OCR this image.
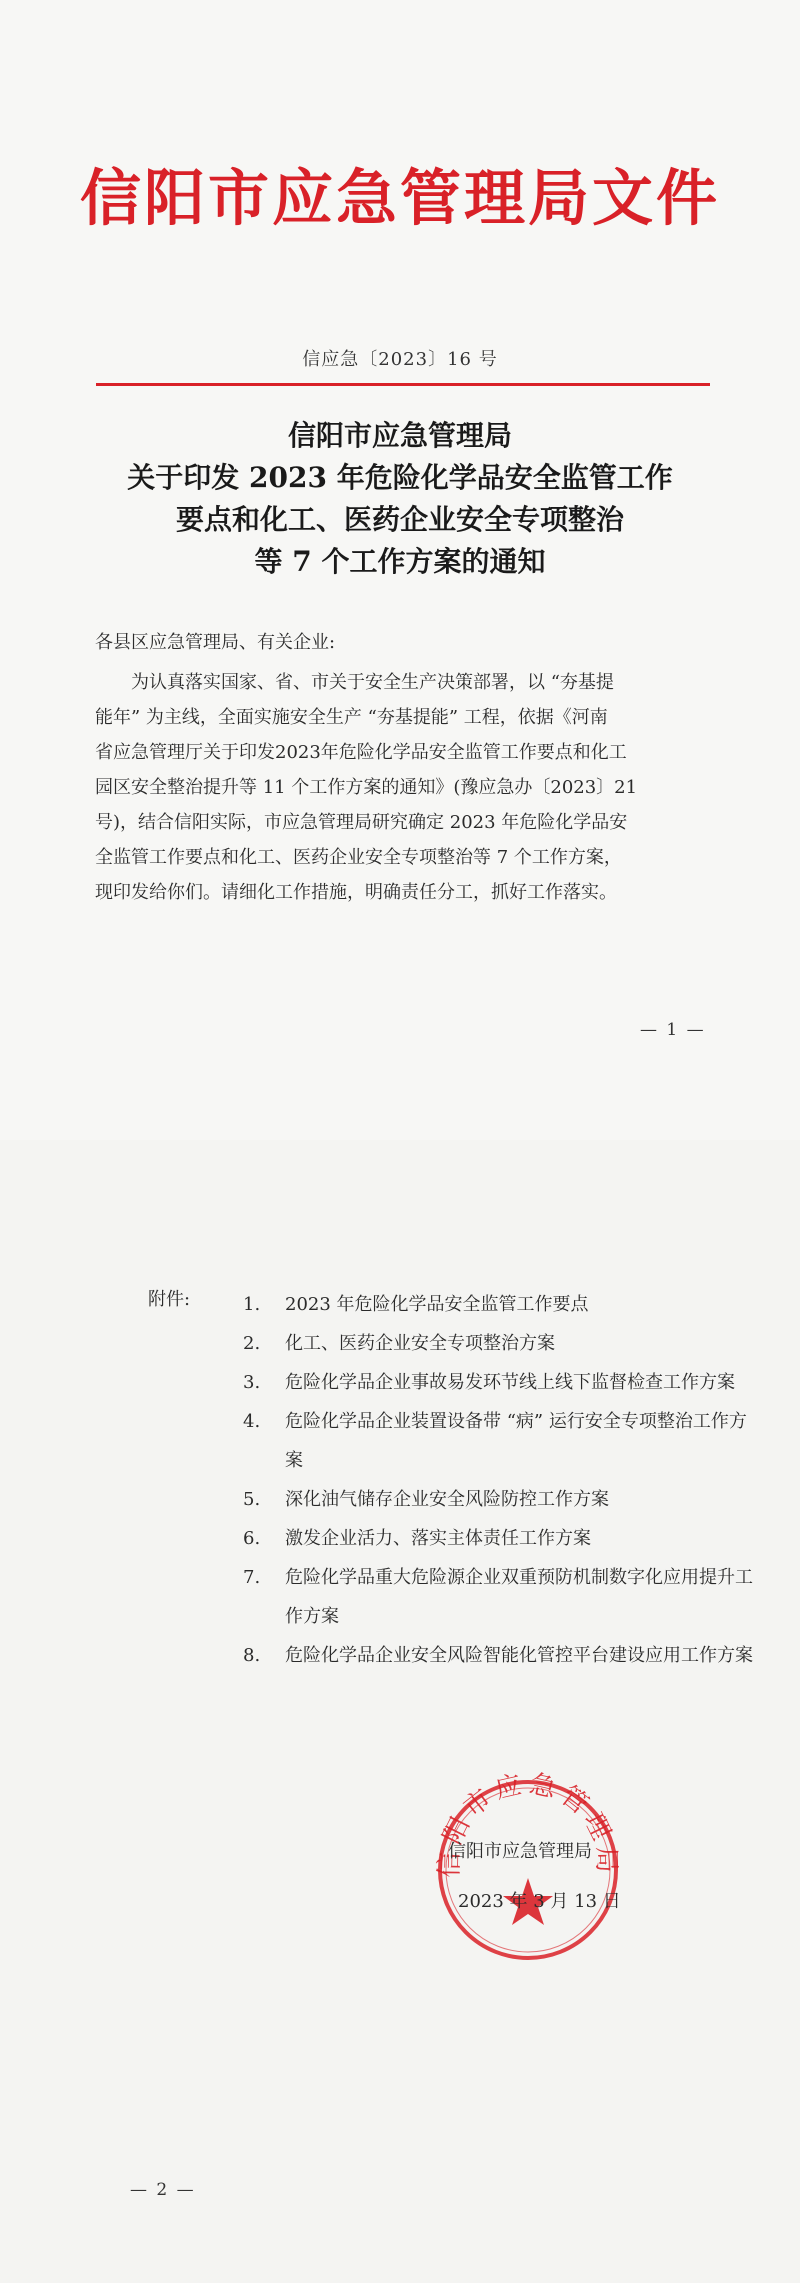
信阳市应急管理局文件
信应急〔2023〕16 号
信阳市应急管理局
关于印发 2023 年危险化学品安全监管工作
要点和化工、医药企业安全专项整治
等 7 个工作方案的通知
各县区应急管理局、有关企业:
为认真落实国家、省、市关于安全生产决策部署，以 “夯基提
能年” 为主线，全面实施安全生产 “夯基提能” 工程，依据《河南
省应急管理厅关于印发2023年危险化学品安全监管工作要点和化工
园区安全整治提升等 11 个工作方案的通知》(豫应急办〔2023〕21
号)，结合信阳实际，市应急管理局研究确定 2023 年危险化学品安
全监管工作要点和化工、医药企业安全专项整治等 7 个工作方案，
现印发给你们。请细化工作措施，明确责任分工，抓好工作落实。
— 1 —
附件:	1.	2023 年危险化学品安全监管工作要点
2.	化工、医药企业安全专项整治方案
3.	危险化学品企业事故易发环节线上线下监督检查工作方案
4.	危险化学品企业装置设备带 “病” 运行安全专项整治工作方案
5.	深化油气储存企业安全风险防控工作方案
6.	激发企业活力、落实主体责任工作方案
7.	危险化学品重大危险源企业双重预防机制数字化应用提升工作方案
8.	危险化学品企业安全风险智能化管控平台建设应用工作方案
信阳市应急管理局
信阳市应急管理局
2023 年 3 月 13 日
— 2 —
